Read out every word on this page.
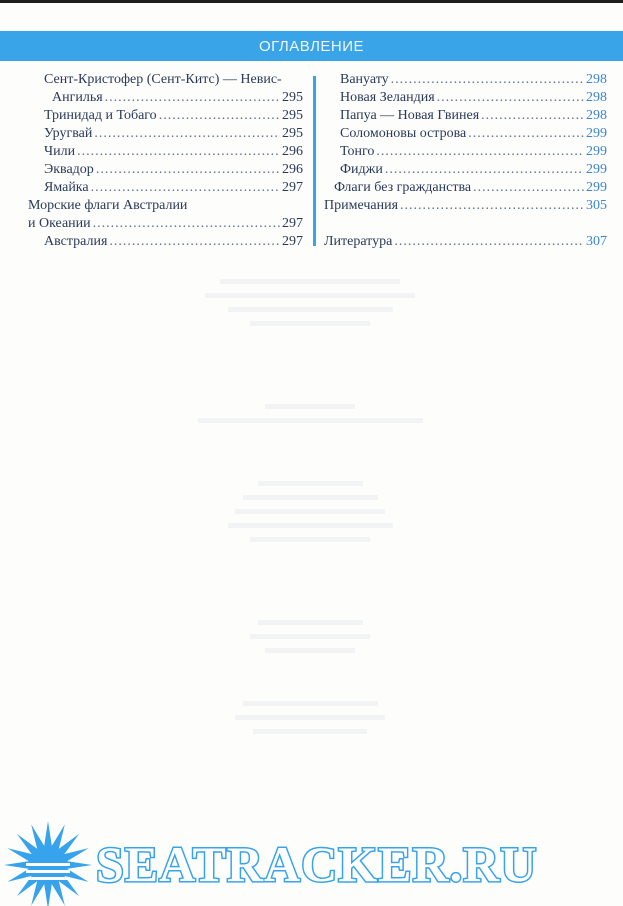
ОГЛАВЛЕНИЕ
Сент-Кристофер (Сент-Китс) — Невис-
Ангилья .....	295
Тринидад и Тобаго .....	295
Уругвай .....	295
Чили .....	296
Эквадор .....	296
Ямайка .....	297
Морские флаги Австралии
и Океании .....	297
Австралия .....	297
Вануату .....	298
Новая Зеландия .....	298
Папуа — Новая Гвинея .....	298
Соломоновы острова .....	299
Тонго .....	299
Фиджи .....	299
Флаги без гражданства .....	299
Примечания .....	305
Литература .....	307
SEATRACKER.RU
